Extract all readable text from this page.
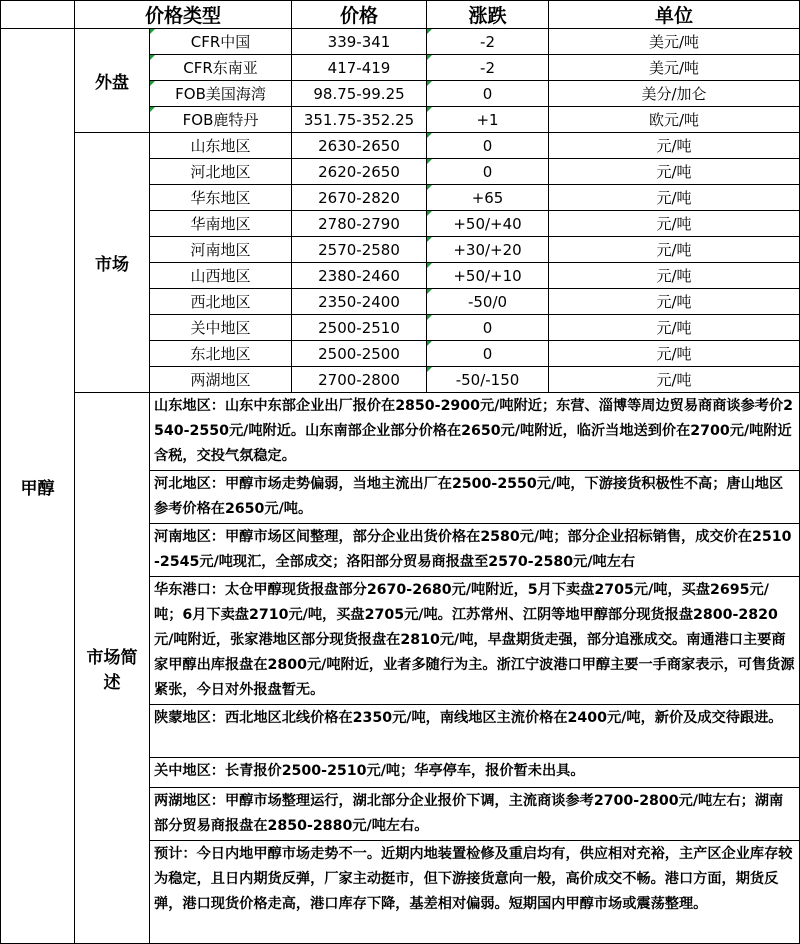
	价格类型		价格	涨跌	单位
甲醇	外盘	CFR中国	339-341	-2	美元/吨
		CFR东南亚	417-419	-2	美元/吨
		FOB美国海湾	98.75-99.25	0	美分/加仑
		FOB鹿特丹	351.75-352.25	+1	欧元/吨
	市场	山东地区	2630-2650	0	元/吨
		河北地区	2620-2650	0	元/吨
		华东地区	2670-2820	+65	元/吨
		华南地区	2780-2790	+50/+40	元/吨
		河南地区	2570-2580	+30/+20	元/吨
		山西地区	2380-2460	+50/+10	元/吨
		西北地区	2350-2400	-50/0	元/吨
		关中地区	2500-2510	0	元/吨
		东北地区	2500-2500	0	元/吨
		两湖地区	2700-2800	-50/-150	元/吨
	市场简述	山东地区：山东中东部企业出厂报价在2850-2900元/吨附近；东营、淄博等周边贸易商商谈参考价2540-2550元/吨附近。山东南部企业部分价格在2650元/吨附近，临沂当地送到价在2700元/吨附近含税，交投气氛稳定。			
		河北地区：甲醇市场走势偏弱，当地主流出厂在2500-2550元/吨，下游接货积极性不高；唐山地区参考价格在2650元/吨。			
		河南地区：甲醇市场区间整理，部分企业出货价格在2580元/吨；部分企业招标销售，成交价在2510-2545元/吨现汇，全部成交；洛阳部分贸易商报盘至2570-2580元/吨左右			
		华东港口：太仓甲醇现货报盘部分2670-2680元/吨附近，5月下卖盘2705元/吨，买盘2695元/吨；6月下卖盘2710元/吨，买盘2705元/吨。江苏常州、江阴等地甲醇部分现货报盘2800-2820元/吨附近，张家港地区部分现货报盘在2810元/吨，早盘期货走强，部分追涨成交。南通港口主要商家甲醇出库报盘在2800元/吨附近，业者多随行为主。浙江宁波港口甲醇主要一手商家表示，可售货源紧张，今日对外报盘暂无。			
		陕蒙地区：西北地区北线价格在2350元/吨，南线地区主流价格在2400元/吨，新价及成交待跟进。			
		关中地区：长青报价2500-2510元/吨；华亭停车，报价暂未出具。			
		两湖地区：甲醇市场整理运行，湖北部分企业报价下调，主流商谈参考2700-2800元/吨左右；湖南部分贸易商报盘在2850-2880元/吨左右。			
		预计：今日内地甲醇市场走势不一。近期内地装置检修及重启均有，供应相对充裕，主产区企业库存较为稳定，且日内期货反弹，厂家主动挺市，但下游接货意向一般，高价成交不畅。港口方面，期货反弹，港口现货价格走高，港口库存下降，基差相对偏弱。短期国内甲醇市场或震荡整理。			
